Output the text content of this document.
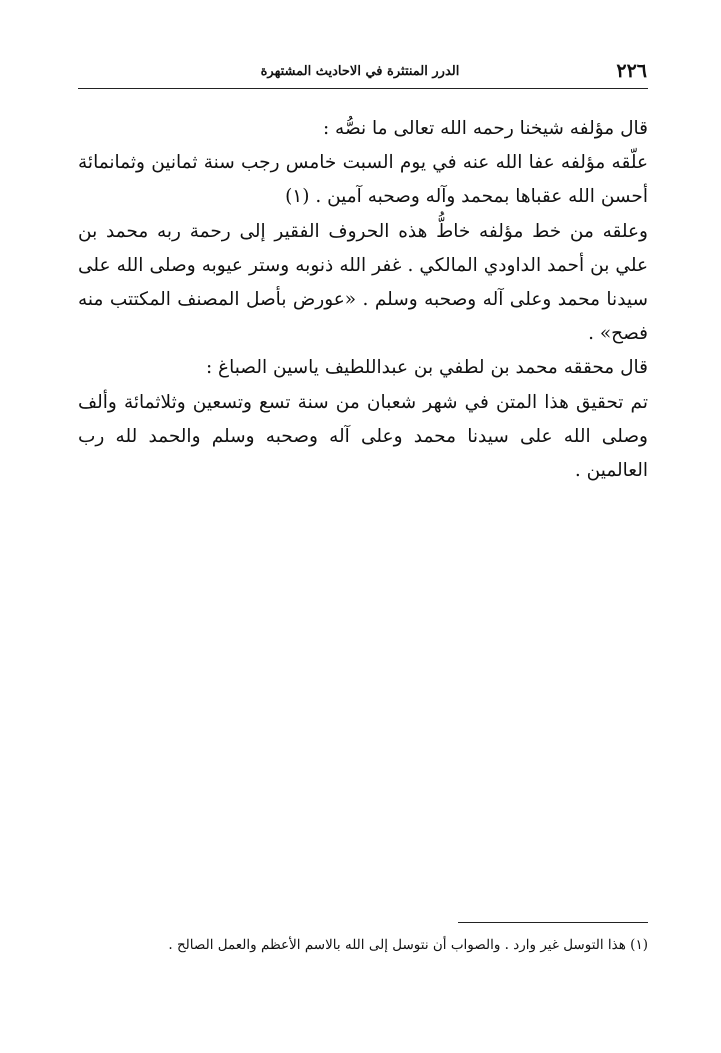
٢٢٦
الدرر المنتثرة في الاحاديث المشتهرة

قال مؤلفه شيخنا رحمه الله تعالى ما نصُّه :

علّقه مؤلفه عفا الله عنه في يوم السبت خامس رجب سنة ثمانين وثمانمائة أحسن الله عقباها بمحمد وآله وصحبه آمين . (١)

وعلقه من خط مؤلفه خاطُّ هذه الحروف الفقير إلى رحمة ربه محمد بن علي بن أحمد الداودي المالكي . غفر الله ذنوبه وستر عيوبه وصلى الله على سيدنا محمد وعلى آله وصحبه وسلم . «عورض بأصل المصنف المكتتب منه فصح» .

قال محققه محمد بن لطفي بن عبداللطيف ياسين الصباغ :

تم تحقيق هذا المتن في شهر شعبان من سنة تسع وتسعين وثلاثمائة وألف وصلى الله على سيدنا محمد وعلى آله وصحبه وسلم والحمد لله رب العالمين .

(١) هذا التوسل غير وارد . والصواب أن نتوسل إلى الله بالاسم الأعظم والعمل الصالح .
